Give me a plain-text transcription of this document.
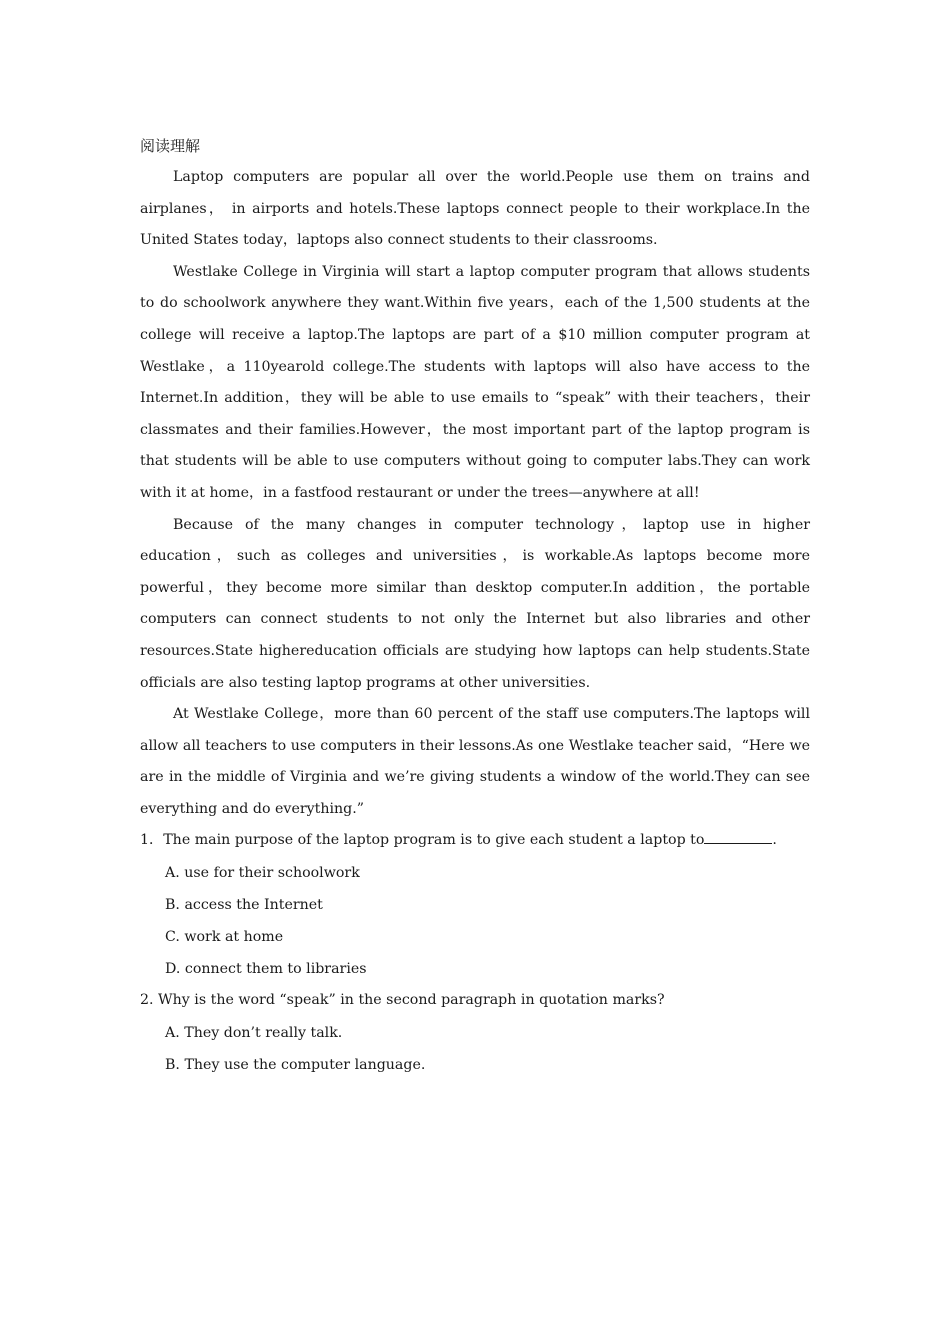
阅读理解

Laptop computers are popular all over the world.People use them on trains and airplanes， in airports and hotels.These laptops connect people to their workplace.In the United States today，laptops also connect students to their classrooms.

Westlake College in Virginia will start a laptop computer program that allows students to do schoolwork anywhere they want.Within five years，each of the 1,500 students at the college will receive a laptop.The laptops are part of a $10 million computer program at Westlake，a 110yearold college.The students with laptops will also have access to the Internet.In addition，they will be able to use emails to “speak” with their teachers，their classmates and their families.However，the most important part of the laptop program is that students will be able to use computers without going to computer labs.They can work with it at home，in a fastfood restaurant or under the trees—anywhere at all!

Because of the many changes in computer technology，laptop use in higher education，such as colleges and universities，is workable.As laptops become more powerful，they become more similar than desktop computer.In addition，the portable computers can connect students to not only the Internet but also libraries and other resources.State highereducation officials are studying how laptops can help students.State officials are also testing laptop programs at other universities.

At Westlake College，more than 60 percent of the staff use computers.The laptops will allow all teachers to use computers in their lessons.As one Westlake teacher said，“Here we are in the middle of Virginia and we’re giving students a window of the world.They can see everything and do everything.”

1．The main purpose of the laptop program is to give each student a laptop to	.

A. use for their schoolwork
B. access the Internet
C. work at home
D. connect them to libraries

2. Why is the word “speak” in the second paragraph in quotation marks?

A. They don’t really talk.
B. They use the computer language.
